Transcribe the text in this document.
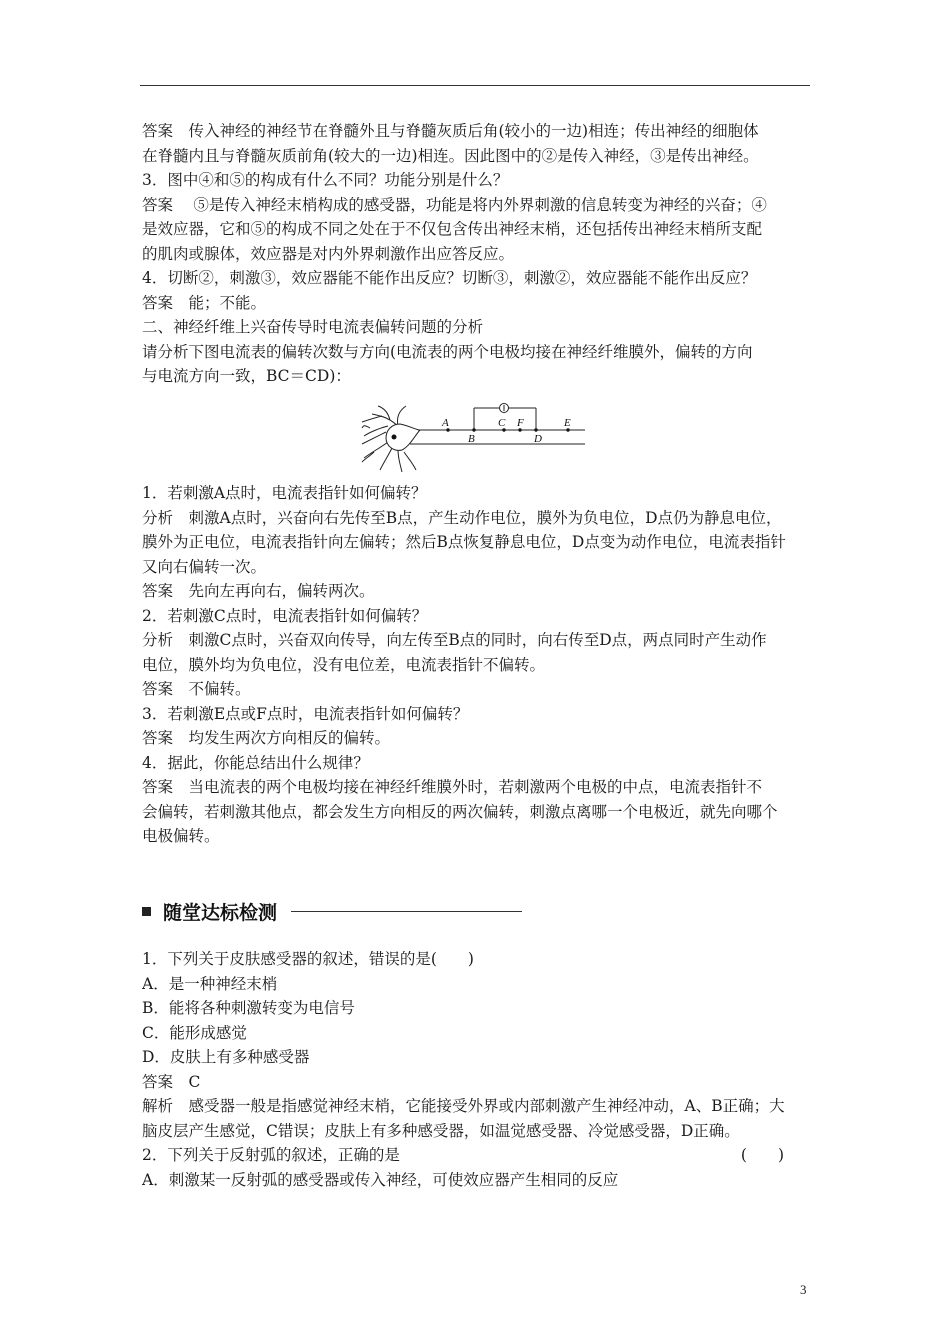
答案　传入神经的神经节在脊髓外且与脊髓灰质后角(较小的一边)相连；传出神经的细胞体

在脊髓内且与脊髓灰质前角(较大的一边)相连。因此图中的②是传入神经，③是传出神经。

3．图中④和⑤的构成有什么不同？功能分别是什么？

答案　 ⑤是传入神经末梢构成的感受器，功能是将内外界刺激的信息转变为神经的兴奋；④

是效应器，它和⑤的构成不同之处在于不仅包含传出神经末梢，还包括传出神经末梢所支配

的肌肉或腺体，效应器是对内外界刺激作出应答反应。

4．切断②，刺激③，效应器能不能作出反应？切断③，刺激②，效应器能不能作出反应？

答案　能；不能。

二、神经纤维上兴奋传导时电流表偏转问题的分析

请分析下图电流表的偏转次数与方向(电流表的两个电极均接在神经纤维膜外，偏转的方向

与电流方向一致，BC＝CD)：

A
B
C F
D
E

1．若刺激A点时，电流表指针如何偏转？

分析　刺激A点时，兴奋向右先传至B点，产生动作电位，膜外为负电位，D点仍为静息电位，

膜外为正电位，电流表指针向左偏转；然后B点恢复静息电位，D点变为动作电位，电流表指针

又向右偏转一次。

答案　先向左再向右，偏转两次。

2．若刺激C点时，电流表指针如何偏转？

分析　刺激C点时，兴奋双向传导，向左传至B点的同时，向右传至D点，两点同时产生动作

电位，膜外均为负电位，没有电位差，电流表指针不偏转。

答案　不偏转。

3．若刺激E点或F点时，电流表指针如何偏转？

答案　均发生两次方向相反的偏转。

4．据此，你能总结出什么规律？

答案　当电流表的两个电极均接在神经纤维膜外时，若刺激两个电极的中点，电流表指针不

会偏转，若刺激其他点，都会发生方向相反的两次偏转，刺激点离哪一个电极近，就先向哪个

电极偏转。

随堂达标检测

1．下列关于皮肤感受器的叙述，错误的是(　　)

A．是一种神经末梢

B．能将各种刺激转变为电信号

C．能形成感觉

D．皮肤上有多种感受器

答案　C

解析　感受器一般是指感觉神经末梢，它能接受外界或内部刺激产生神经冲动，A、B正确；大

脑皮层产生感觉，C错误；皮肤上有多种感受器，如温觉感受器、冷觉感受器，D正确。

2．下列关于反射弧的叙述，正确的是	(　　)

A．刺激某一反射弧的感受器或传入神经，可使效应器产生相同的反应

3
